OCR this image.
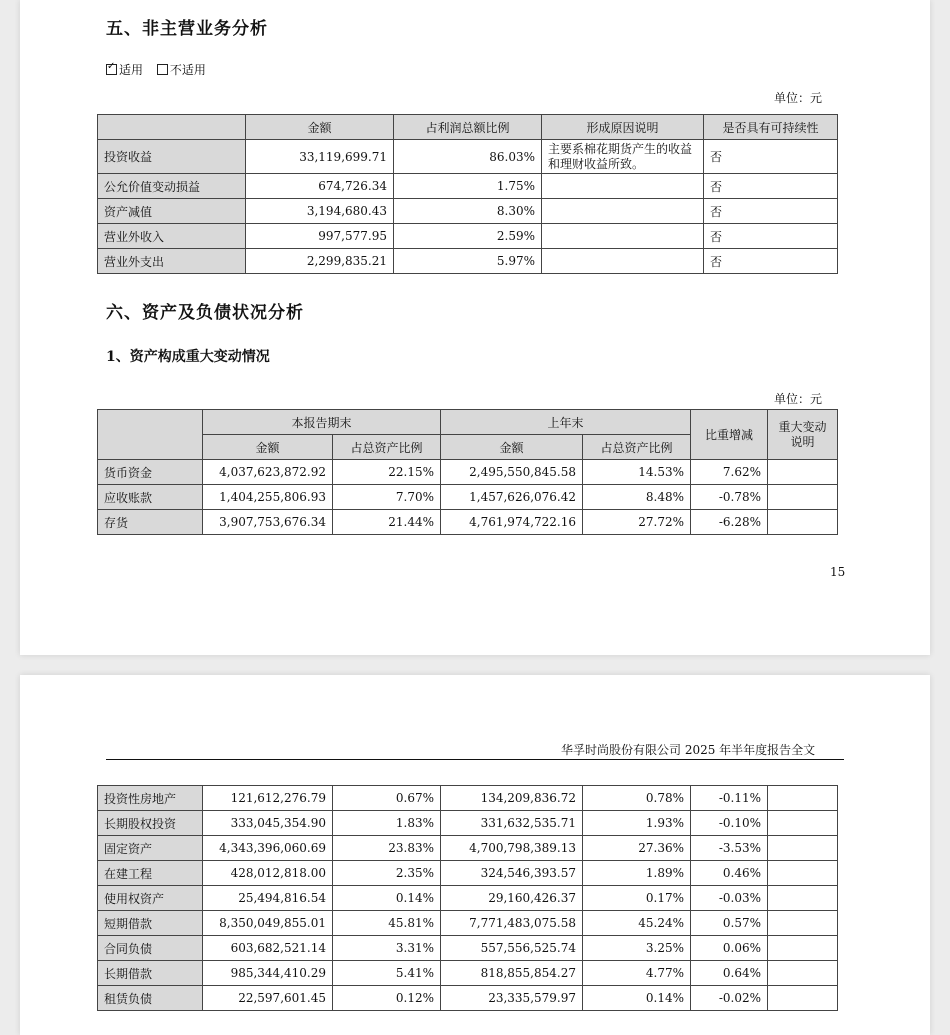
五、非主营业务分析
✓适用 不适用
单位：元
	金额	占利润总额比例	形成原因说明	是否具有可持续性
投资收益	33,119,699.71	86.03%	主要系棉花期货产生的收益和理财收益所致。	否
公允价值变动损益	674,726.34	1.75%		否
资产减值	3,194,680.43	8.30%		否
营业外收入	997,577.95	2.59%		否
营业外支出	2,299,835.21	5.97%		否
六、资产及负债状况分析
1、资产构成重大变动情况
单位：元
	本报告期末		上年末		比重增减	重大变动说明
	金额	占总资产比例	金额	占总资产比例		
货币资金	4,037,623,872.92	22.15%	2,495,550,845.58	14.53%	7.62%	
应收账款	1,404,255,806.93	7.70%	1,457,626,076.42	8.48%	-0.78%	
存货	3,907,753,676.34	21.44%	4,761,974,722.16	27.72%	-6.28%	
15
华孚时尚股份有限公司 2025 年半年度报告全文
投资性房地产	121,612,276.79	0.67%	134,209,836.72	0.78%	-0.11%	
长期股权投资	333,045,354.90	1.83%	331,632,535.71	1.93%	-0.10%	
固定资产	4,343,396,060.69	23.83%	4,700,798,389.13	27.36%	-3.53%	
在建工程	428,012,818.00	2.35%	324,546,393.57	1.89%	0.46%	
使用权资产	25,494,816.54	0.14%	29,160,426.37	0.17%	-0.03%	
短期借款	8,350,049,855.01	45.81%	7,771,483,075.58	45.24%	0.57%	
合同负债	603,682,521.14	3.31%	557,556,525.74	3.25%	0.06%	
长期借款	985,344,410.29	5.41%	818,855,854.27	4.77%	0.64%	
租赁负债	22,597,601.45	0.12%	23,335,579.97	0.14%	-0.02%	
